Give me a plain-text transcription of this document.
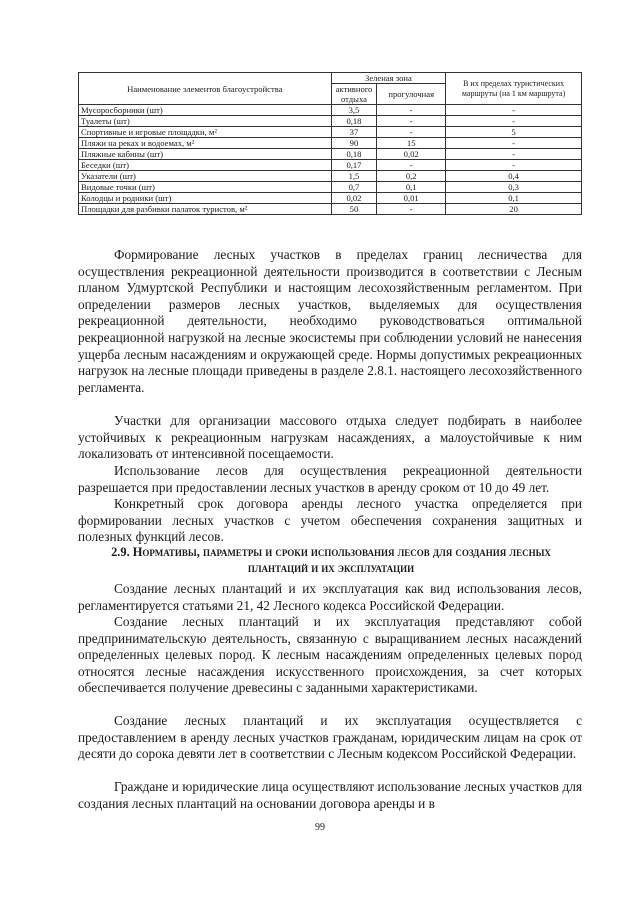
Наименование элементов благоустройства	Зеленая зона		В их пределах туристических маршруты (на 1 км маршрута)
	активного отдыха	прогулочная	
Мусоросборники (шт)	3,5	-	-
Туалеты (шт)	0,18	-	-
Спортивные и игровые площадки, м²	37	-	5
Пляжи на реках и водоемах, м²	90	15	-
Пляжные кабины (шт)	0,18	0,02	-
Беседки (шт)	0,17	-	-
Указатели (шт)	1,5	0,2	0,4
Видовые точки (шт)	0,7	0,1	0,3
Колодцы и родники (шт)	0,02	0,01	0,1
Площадки для разбивки палаток туристов, м²	50	-	20

Формирование лесных участков в пределах границ лесничества для осуществления рекреационной деятельности производится в соответствии с Лесным планом Удмуртской Республики и настоящим лесохозяйственным регламентом. При определении размеров лесных участков, выделяемых для осуществления рекреационной деятельности, необходимо руководствоваться оптимальной рекреационной нагрузкой на лесные экосистемы при соблюдении условий не нанесения ущерба лесным насаждениям и окружающей среде. Нормы допустимых рекреационных нагрузок на лесные площади приведены в разделе 2.8.1. настоящего лесохозяйственного регламента.

Участки для организации массового отдыха следует подбирать в наиболее устойчивых к рекреационным нагрузкам насаждениях, а малоустойчивые к ним локализовать от интенсивной посещаемости.

Использование лесов для осуществления рекреационной деятельности разрешается при предоставлении лесных участков в аренду сроком от 10 до 49 лет.

Конкретный срок договора аренды лесного участка определяется при формировании лесных участков с учетом обеспечения сохранения защитных и полезных функций лесов.

2.9. Нормативы, параметры и сроки использования лесов для создания лесных плантаций и их эксплуатации

Создание лесных плантаций и их эксплуатация как вид использования лесов, регламентируется статьями 21, 42 Лесного кодекса Российской Федерации.

Создание лесных плантаций и их эксплуатация представляют собой предпринимательскую деятельность, связанную с выращиванием лесных насаждений определенных целевых пород. К лесным насаждениям определенных целевых пород относятся лесные насаждения искусственного происхождения, за счет которых обеспечивается получение древесины с заданными характеристиками.

Создание лесных плантаций и их эксплуатация осуществляется с предоставлением в аренду лесных участков гражданам, юридическим лицам на срок от десяти до сорока девяти лет в соответствии с Лесным кодексом Российской Федерации.

Граждане и юридические лица осуществляют использование лесных участков для создания лесных плантаций на основании договора аренды и в

99
